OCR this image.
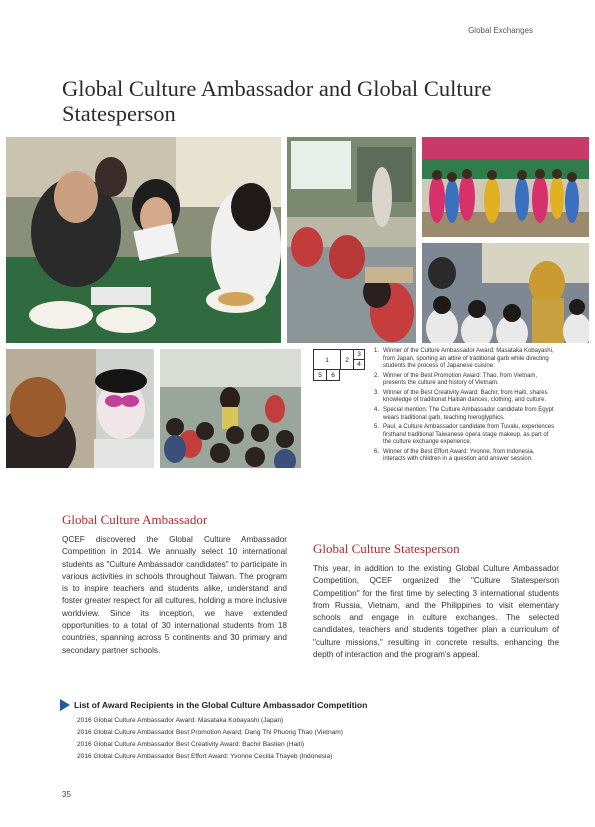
Global Exchanges
Global Culture Ambassador and Global Culture Statesperson
1	2
3
4
5	6
1. Winner of the Culture Ambassador Award: Masataka Kobayashi, from Japan, sporting an attire of traditional garb while directing students the process of Japanese cuisine.
2. Winner of the Best Promotion Award: Thao, from Vietnam, presents the culture and history of Vietnam.
3. Winner of the Best Creativity Award: Bachir, from Haiti, shares knowledge of traditional Haitian dances, clothing, and culture.
4. Special mention: The Culture Ambassador candidate from Egypt wears traditional garb, teaching hieroglyphics.
5. Paul, a Culture Ambassador candidate from Tuvalu, experiences firsthand traditional Taiwanese opera stage makeup, as part of the culture exchange experience.
6. Winner of the Best Effort Award: Yvonne, from Indonesia, interacts with children in a question and answer session.
Global Culture Ambassador

QCEF discovered the Global Culture Ambassador Competition in 2014. We annually select 10 international students as "Culture Ambassador candidates" to participate in various activities in schools throughout Taiwan. The program is to inspire teachers and students alike, understand and foster greater respect for all cultures, holding a more inclusive worldview. Since its inception, we have extended opportunities to a total of 30 international students from 18 countries, spanning across 5 continents and 30 primary and secondary partner schools.

Global Culture Statesperson

This year, in addition to the existing Global Culture Ambassador Competition, QCEF organized the "Culture Statesperson Competition" for the first time by selecting 3 international students from Russia, Vietnam, and the Philippines to visit elementary schools and engage in culture exchanges. The selected candidates, teachers and students together plan a curriculum of "culture missions," resulting in concrete results, enhancing the depth of interaction and the program's appeal.

List of Award Recipients in the Global Culture Ambassador Competition
2016 Global Culture Ambassador Award: Masataka Kobayashi (Japan)
2016 Global Culture Ambassador Best Promotion Award: Dang Thi Phuong Thao (Vietnam)
2016 Global Culture Ambassador Best Creativity Award: Bachir Bastien (Haiti)
2016 Global Culture Ambassador Best Effort Award: Yvonne Cecilia Thayeb (Indonesia)
35
